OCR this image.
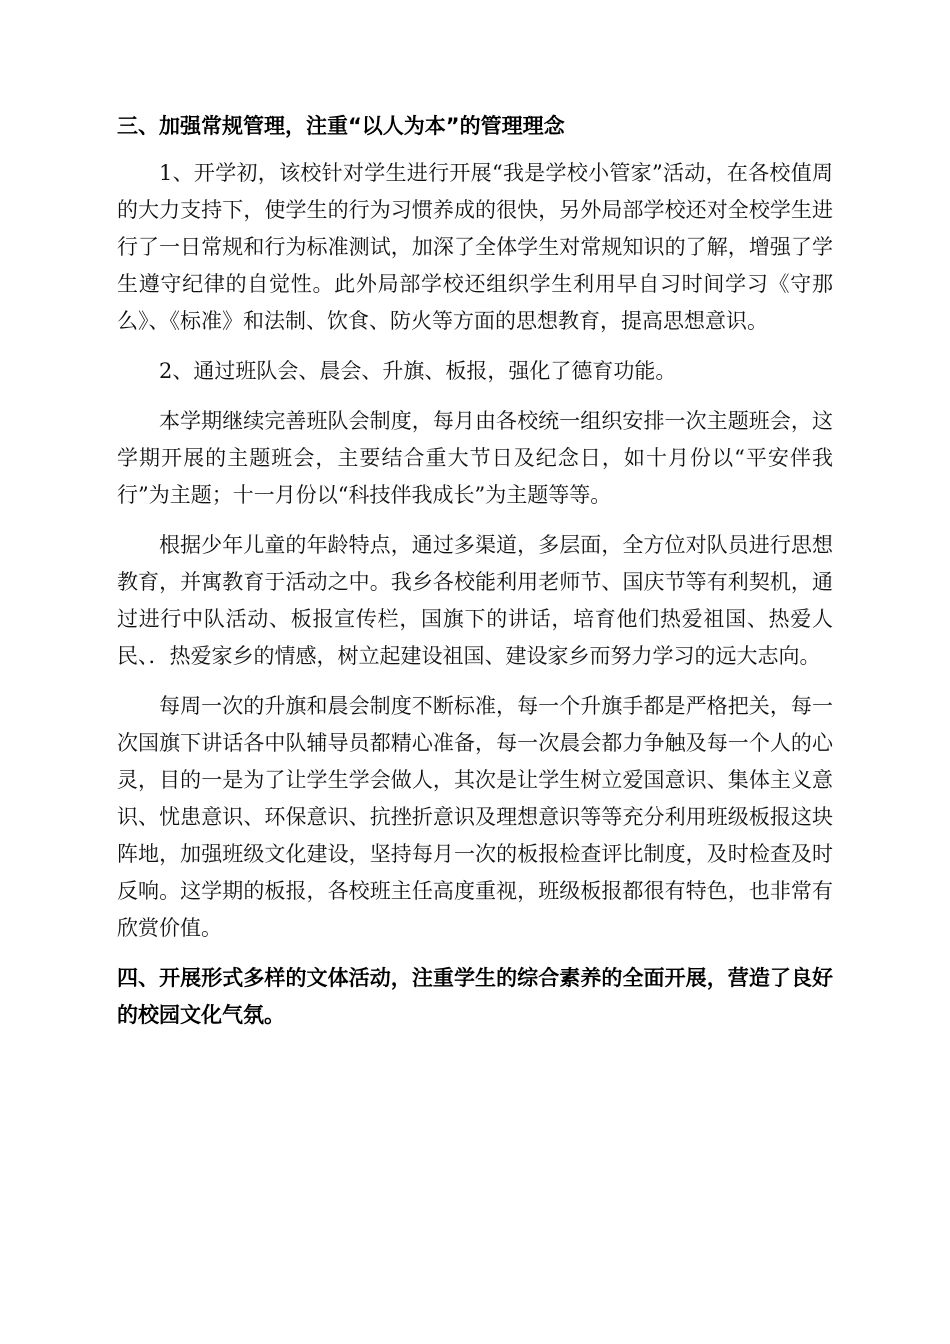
三、加强常规管理，注重“以人为本”的管理理念

1、开学初，该校针对学生进行开展“我是学校小管家”活动，在各校值周的大力支持下，使学生的行为习惯养成的很快，另外局部学校还对全校学生进行了一日常规和行为标准测试，加深了全体学生对常规知识的了解，增强了学生遵守纪律的自觉性。此外局部学校还组织学生利用早自习时间学习《守那么》、《标准》和法制、饮食、防火等方面的思想教育，提高思想意识。

2、通过班队会、晨会、升旗、板报，强化了德育功能。

本学期继续完善班队会制度，每月由各校统一组织安排一次主题班会，这学期开展的主题班会，主要结合重大节日及纪念日，如十月份以“平安伴我行”为主题；十一月份以“科技伴我成长”为主题等等。

根据少年儿童的年龄特点，通过多渠道，多层面，全方位对队员进行思想教育，并寓教育于活动之中。我乡各校能利用老师节、国庆节等有利契机，通过进行中队活动、板报宣传栏，国旗下的讲话，培育他们热爱祖国、热爱人民、．热爱家乡的情感，树立起建设祖国、建设家乡而努力学习的远大志向。

每周一次的升旗和晨会制度不断标准，每一个升旗手都是严格把关，每一次国旗下讲话各中队辅导员都精心准备，每一次晨会都力争触及每一个人的心灵，目的一是为了让学生学会做人，其次是让学生树立爱国意识、集体主义意识、忧患意识、环保意识、抗挫折意识及理想意识等等充分利用班级板报这块阵地，加强班级文化建设，坚持每月一次的板报检查评比制度，及时检查及时反响。这学期的板报，各校班主任高度重视，班级板报都很有特色，也非常有欣赏价值。

四、开展形式多样的文体活动，注重学生的综合素养的全面开展，营造了良好的校园文化气氛。
